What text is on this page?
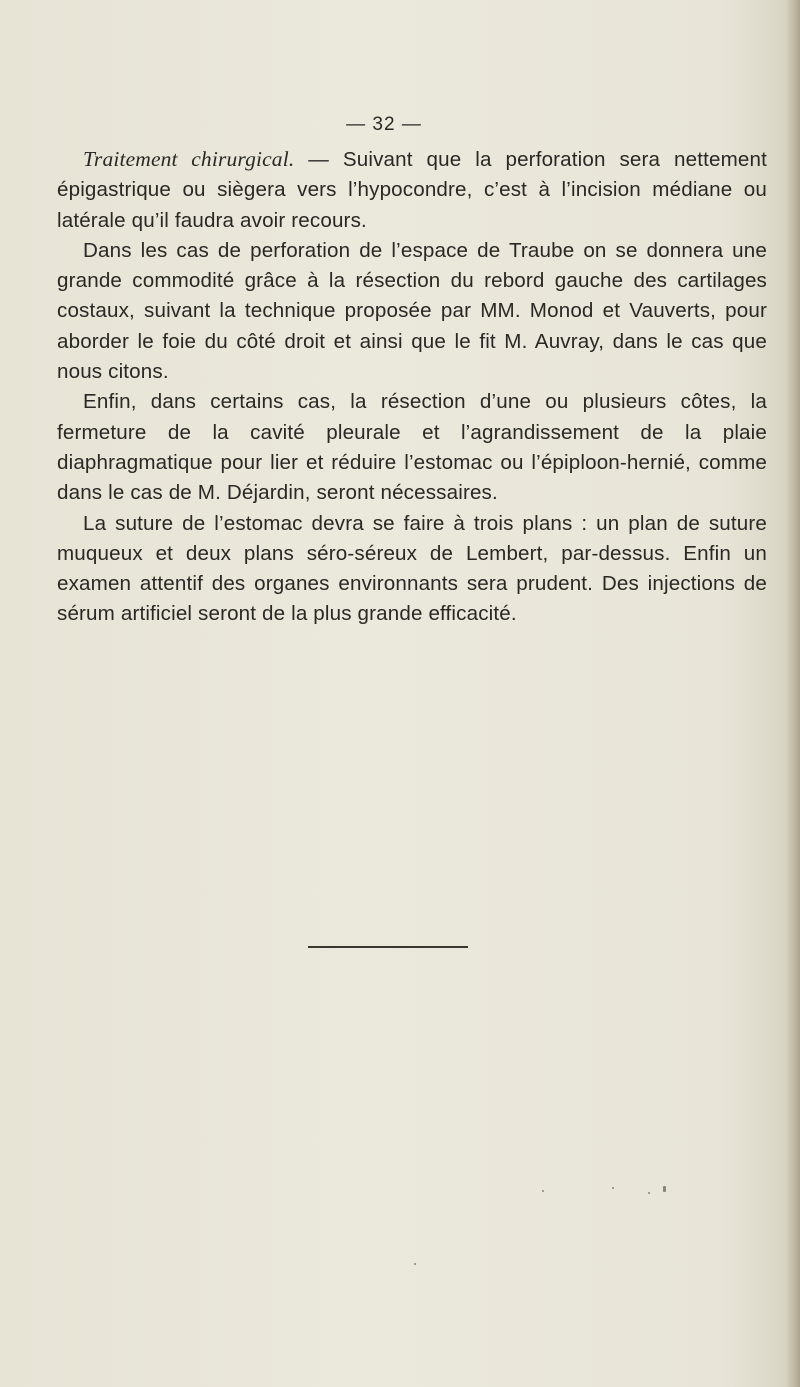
— 32 —

Traitement chirurgical. — Suivant que la perforation sera nettement épigastrique ou siègera vers l’hypocondre, c’est à l’incision médiane ou latérale qu’il faudra avoir recours.

Dans les cas de perforation de l’espace de Traube on se donnera une grande commodité grâce à la résection du rebord gauche des cartilages costaux, suivant la technique proposée par MM. Monod et Vauverts, pour aborder le foie du côté droit et ainsi que le fit M. Auvray, dans le cas que nous citons.

Enfin, dans certains cas, la résection d’une ou plusieurs côtes, la fermeture de la cavité pleurale et l’agrandissement de la plaie diaphragmatique pour lier et réduire l’estomac ou l’épiploon-hernié, comme dans le cas de M. Déjardin, seront nécessaires.

La suture de l’estomac devra se faire à trois plans : un plan de suture muqueux et deux plans séro-séreux de Lembert, par-dessus. Enfin un examen attentif des organes environnants sera prudent. Des injections de sérum artificiel seront de la plus grande efficacité.
